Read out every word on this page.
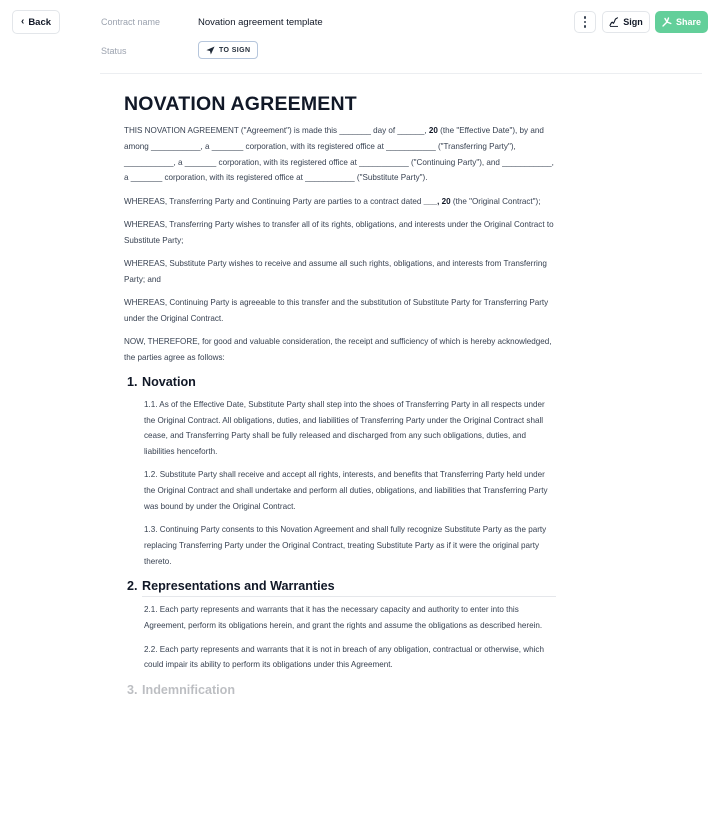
‹ Back	Contract name	Novation agreement template
Status	TO SIGN
Sign	Share
NOVATION AGREEMENT

THIS NOVATION AGREEMENT ("Agreement") is made this _______ day of ______, 20 (the "Effective Date"), by and among ___________, a _______ corporation, with its registered office at ___________ ("Transferring Party"), ___________, a _______ corporation, with its registered office at ___________ ("Continuing Party"), and ___________, a _______ corporation, with its registered office at ___________ ("Substitute Party").

WHEREAS, Transferring Party and Continuing Party are parties to a contract dated ___, 20 (the "Original Contract");

WHEREAS, Transferring Party wishes to transfer all of its rights, obligations, and interests under the Original Contract to Substitute Party;

WHEREAS, Substitute Party wishes to receive and assume all such rights, obligations, and interests from Transferring Party; and

WHEREAS, Continuing Party is agreeable to this transfer and the substitution of Substitute Party for Transferring Party under the Original Contract.

NOW, THEREFORE, for good and valuable consideration, the receipt and sufficiency of which is hereby acknowledged, the parties agree as follows:

1. Novation

1.1. As of the Effective Date, Substitute Party shall step into the shoes of Transferring Party in all respects under the Original Contract. All obligations, duties, and liabilities of Transferring Party under the Original Contract shall cease, and Transferring Party shall be fully released and discharged from any such obligations, duties, and liabilities henceforth.

1.2. Substitute Party shall receive and accept all rights, interests, and benefits that Transferring Party held under the Original Contract and shall undertake and perform all duties, obligations, and liabilities that Transferring Party was bound by under the Original Contract.

1.3. Continuing Party consents to this Novation Agreement and shall fully recognize Substitute Party as the party replacing Transferring Party under the Original Contract, treating Substitute Party as if it were the original party thereto.

2. Representations and Warranties

2.1. Each party represents and warrants that it has the necessary capacity and authority to enter into this Agreement, perform its obligations herein, and grant the rights and assume the obligations as described herein.

2.2. Each party represents and warrants that it is not in breach of any obligation, contractual or otherwise, which could impair its ability to perform its obligations under this Agreement.

3. Indemnification
